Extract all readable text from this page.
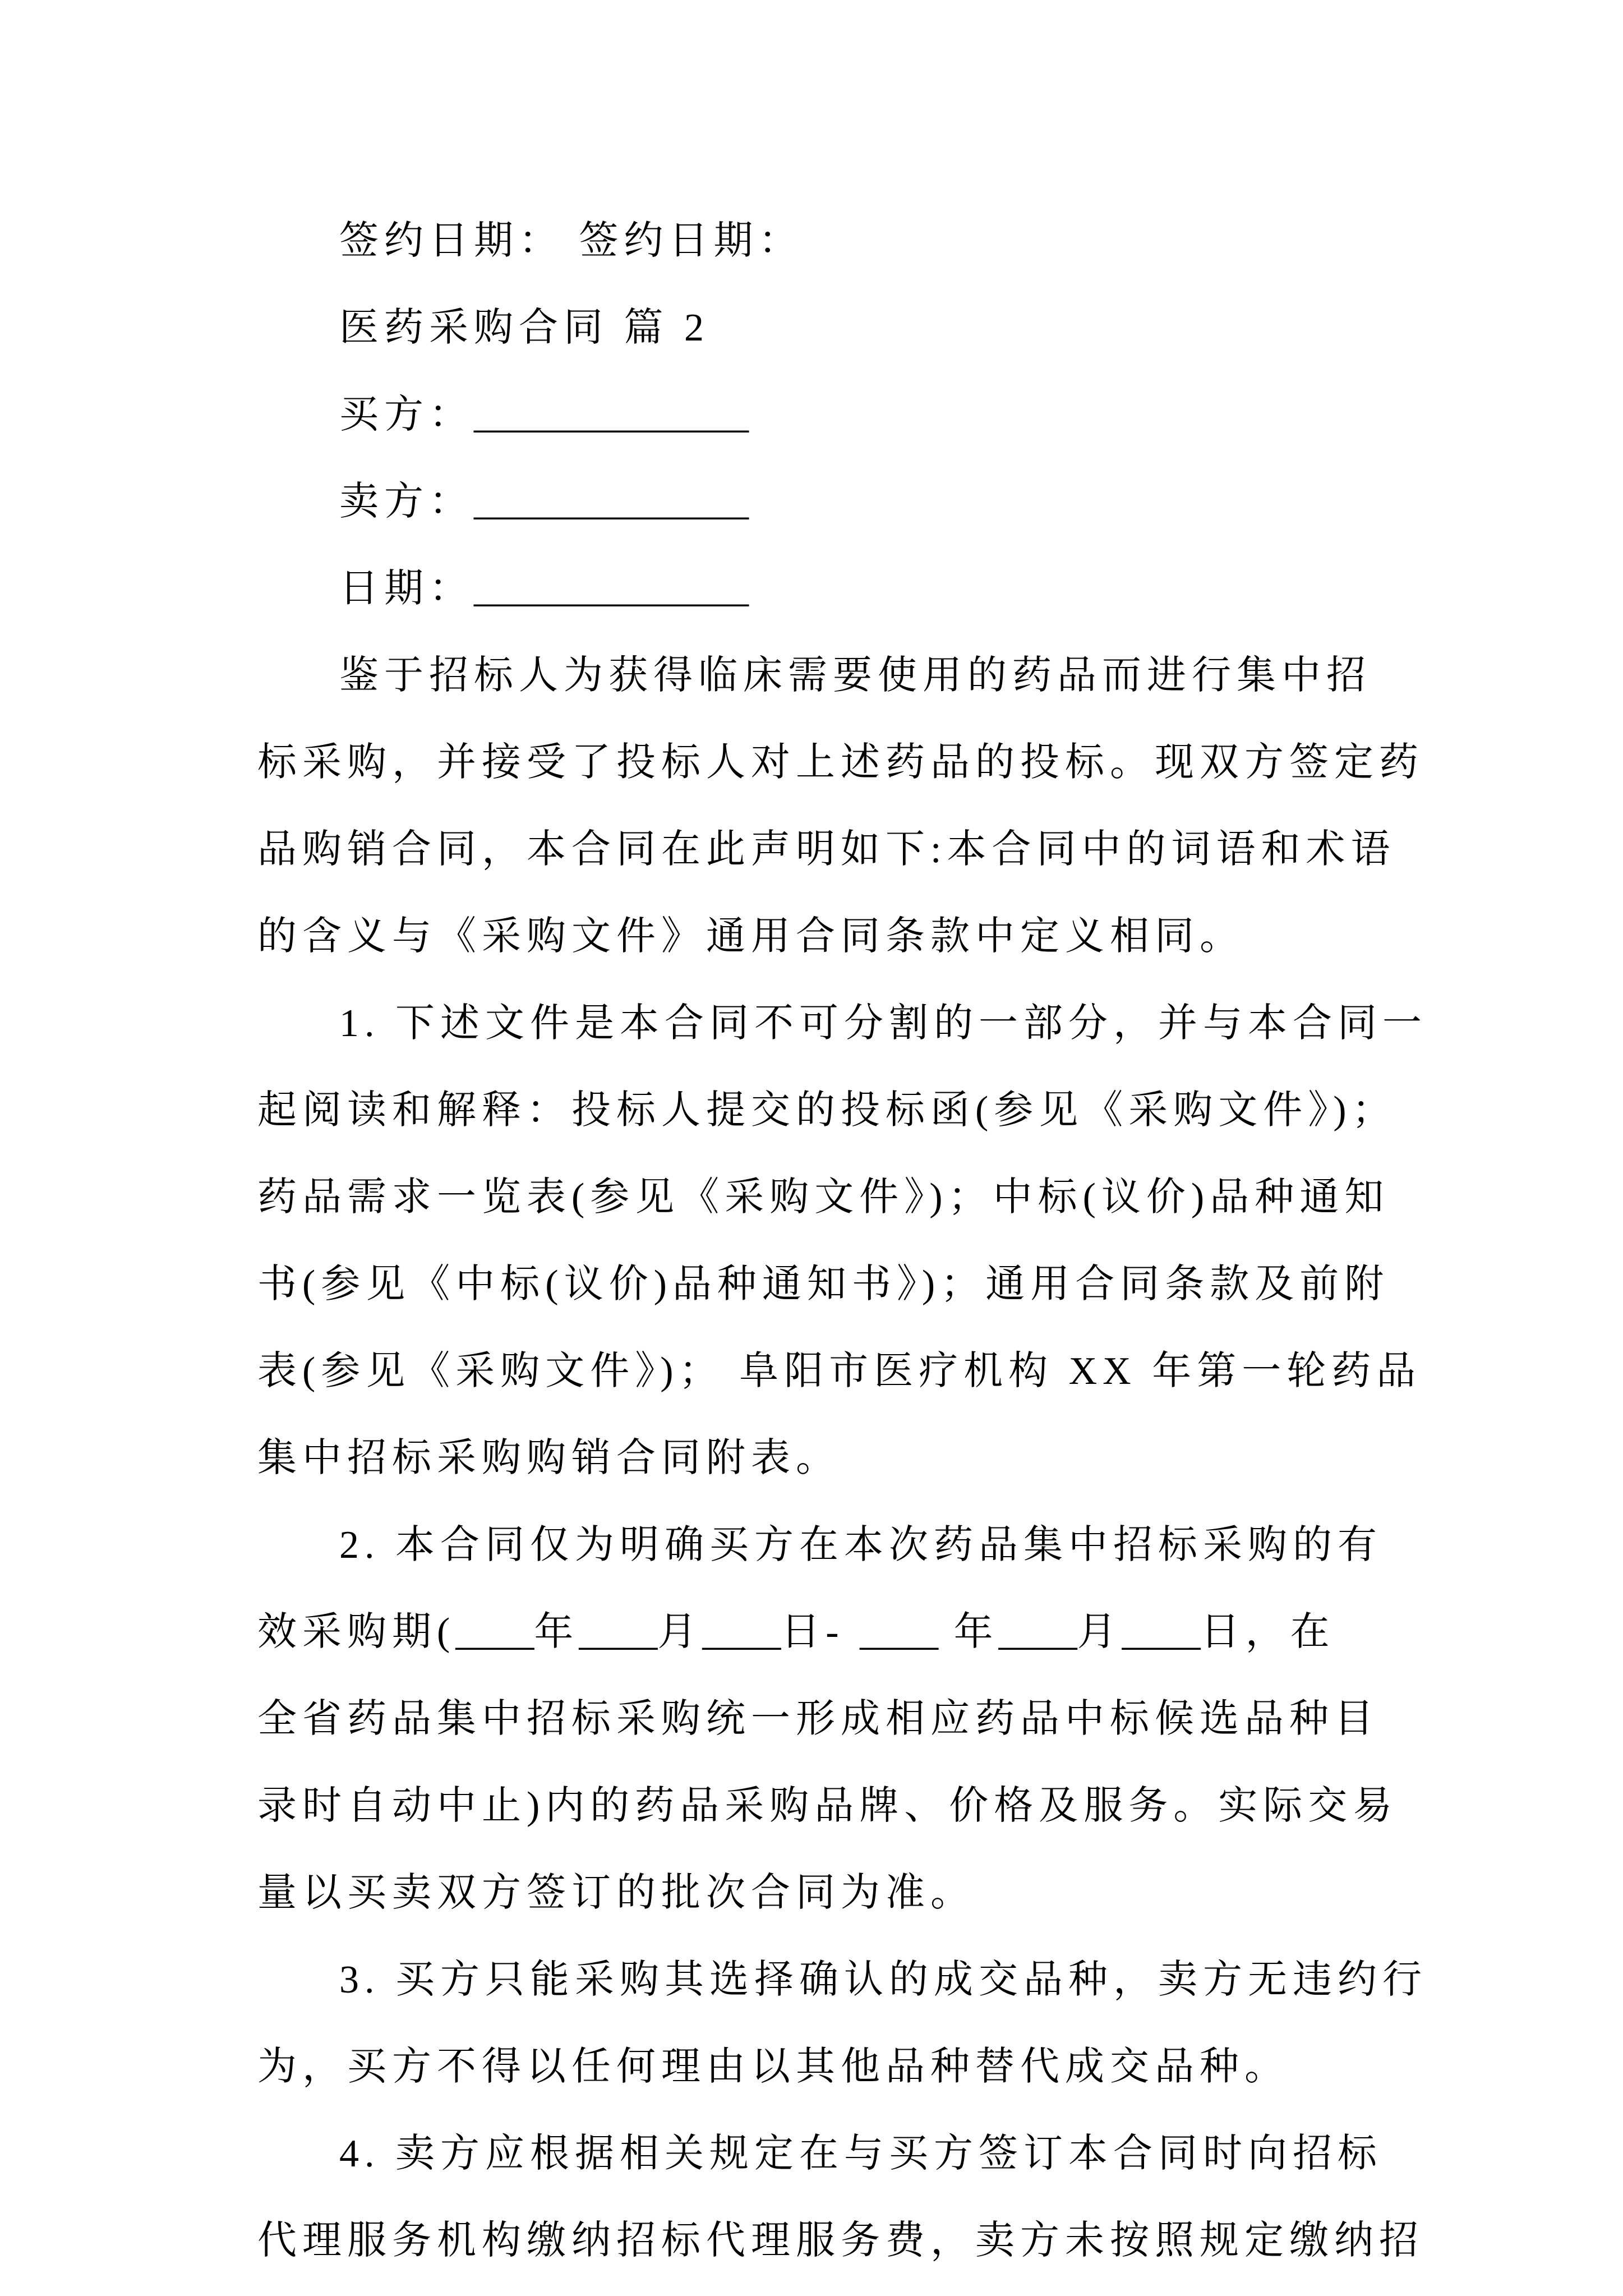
签约日期： 签约日期：
医药采购合同 篇 2
买方：______________
卖方：______________
日期：______________
鉴于招标人为获得临床需要使用的药品而进行集中招
标采购，并接受了投标人对上述药品的投标。现双方签定药
品购销合同，本合同在此声明如下:本合同中的词语和术语
的含义与《采购文件》通用合同条款中定义相同。
1. 下述文件是本合同不可分割的一部分，并与本合同一
起阅读和解释：投标人提交的投标函(参见《采购文件》)；
药品需求一览表(参见《采购文件》)；中标(议价)品种通知
书(参见《中标(议价)品种通知书》)；通用合同条款及前附
表(参见《采购文件》)； 阜阳市医疗机构 XX 年第一轮药品
集中招标采购购销合同附表。
2. 本合同仅为明确买方在本次药品集中招标采购的有
效采购期(____年____月____日- ____ 年____月____日，在
全省药品集中招标采购统一形成相应药品中标候选品种目
录时自动中止)内的药品采购品牌、价格及服务。实际交易
量以买卖双方签订的批次合同为准。
3. 买方只能采购其选择确认的成交品种，卖方无违约行
为，买方不得以任何理由以其他品种替代成交品种。
4. 卖方应根据相关规定在与买方签订本合同时向招标
代理服务机构缴纳招标代理服务费，卖方未按照规定缴纳招
